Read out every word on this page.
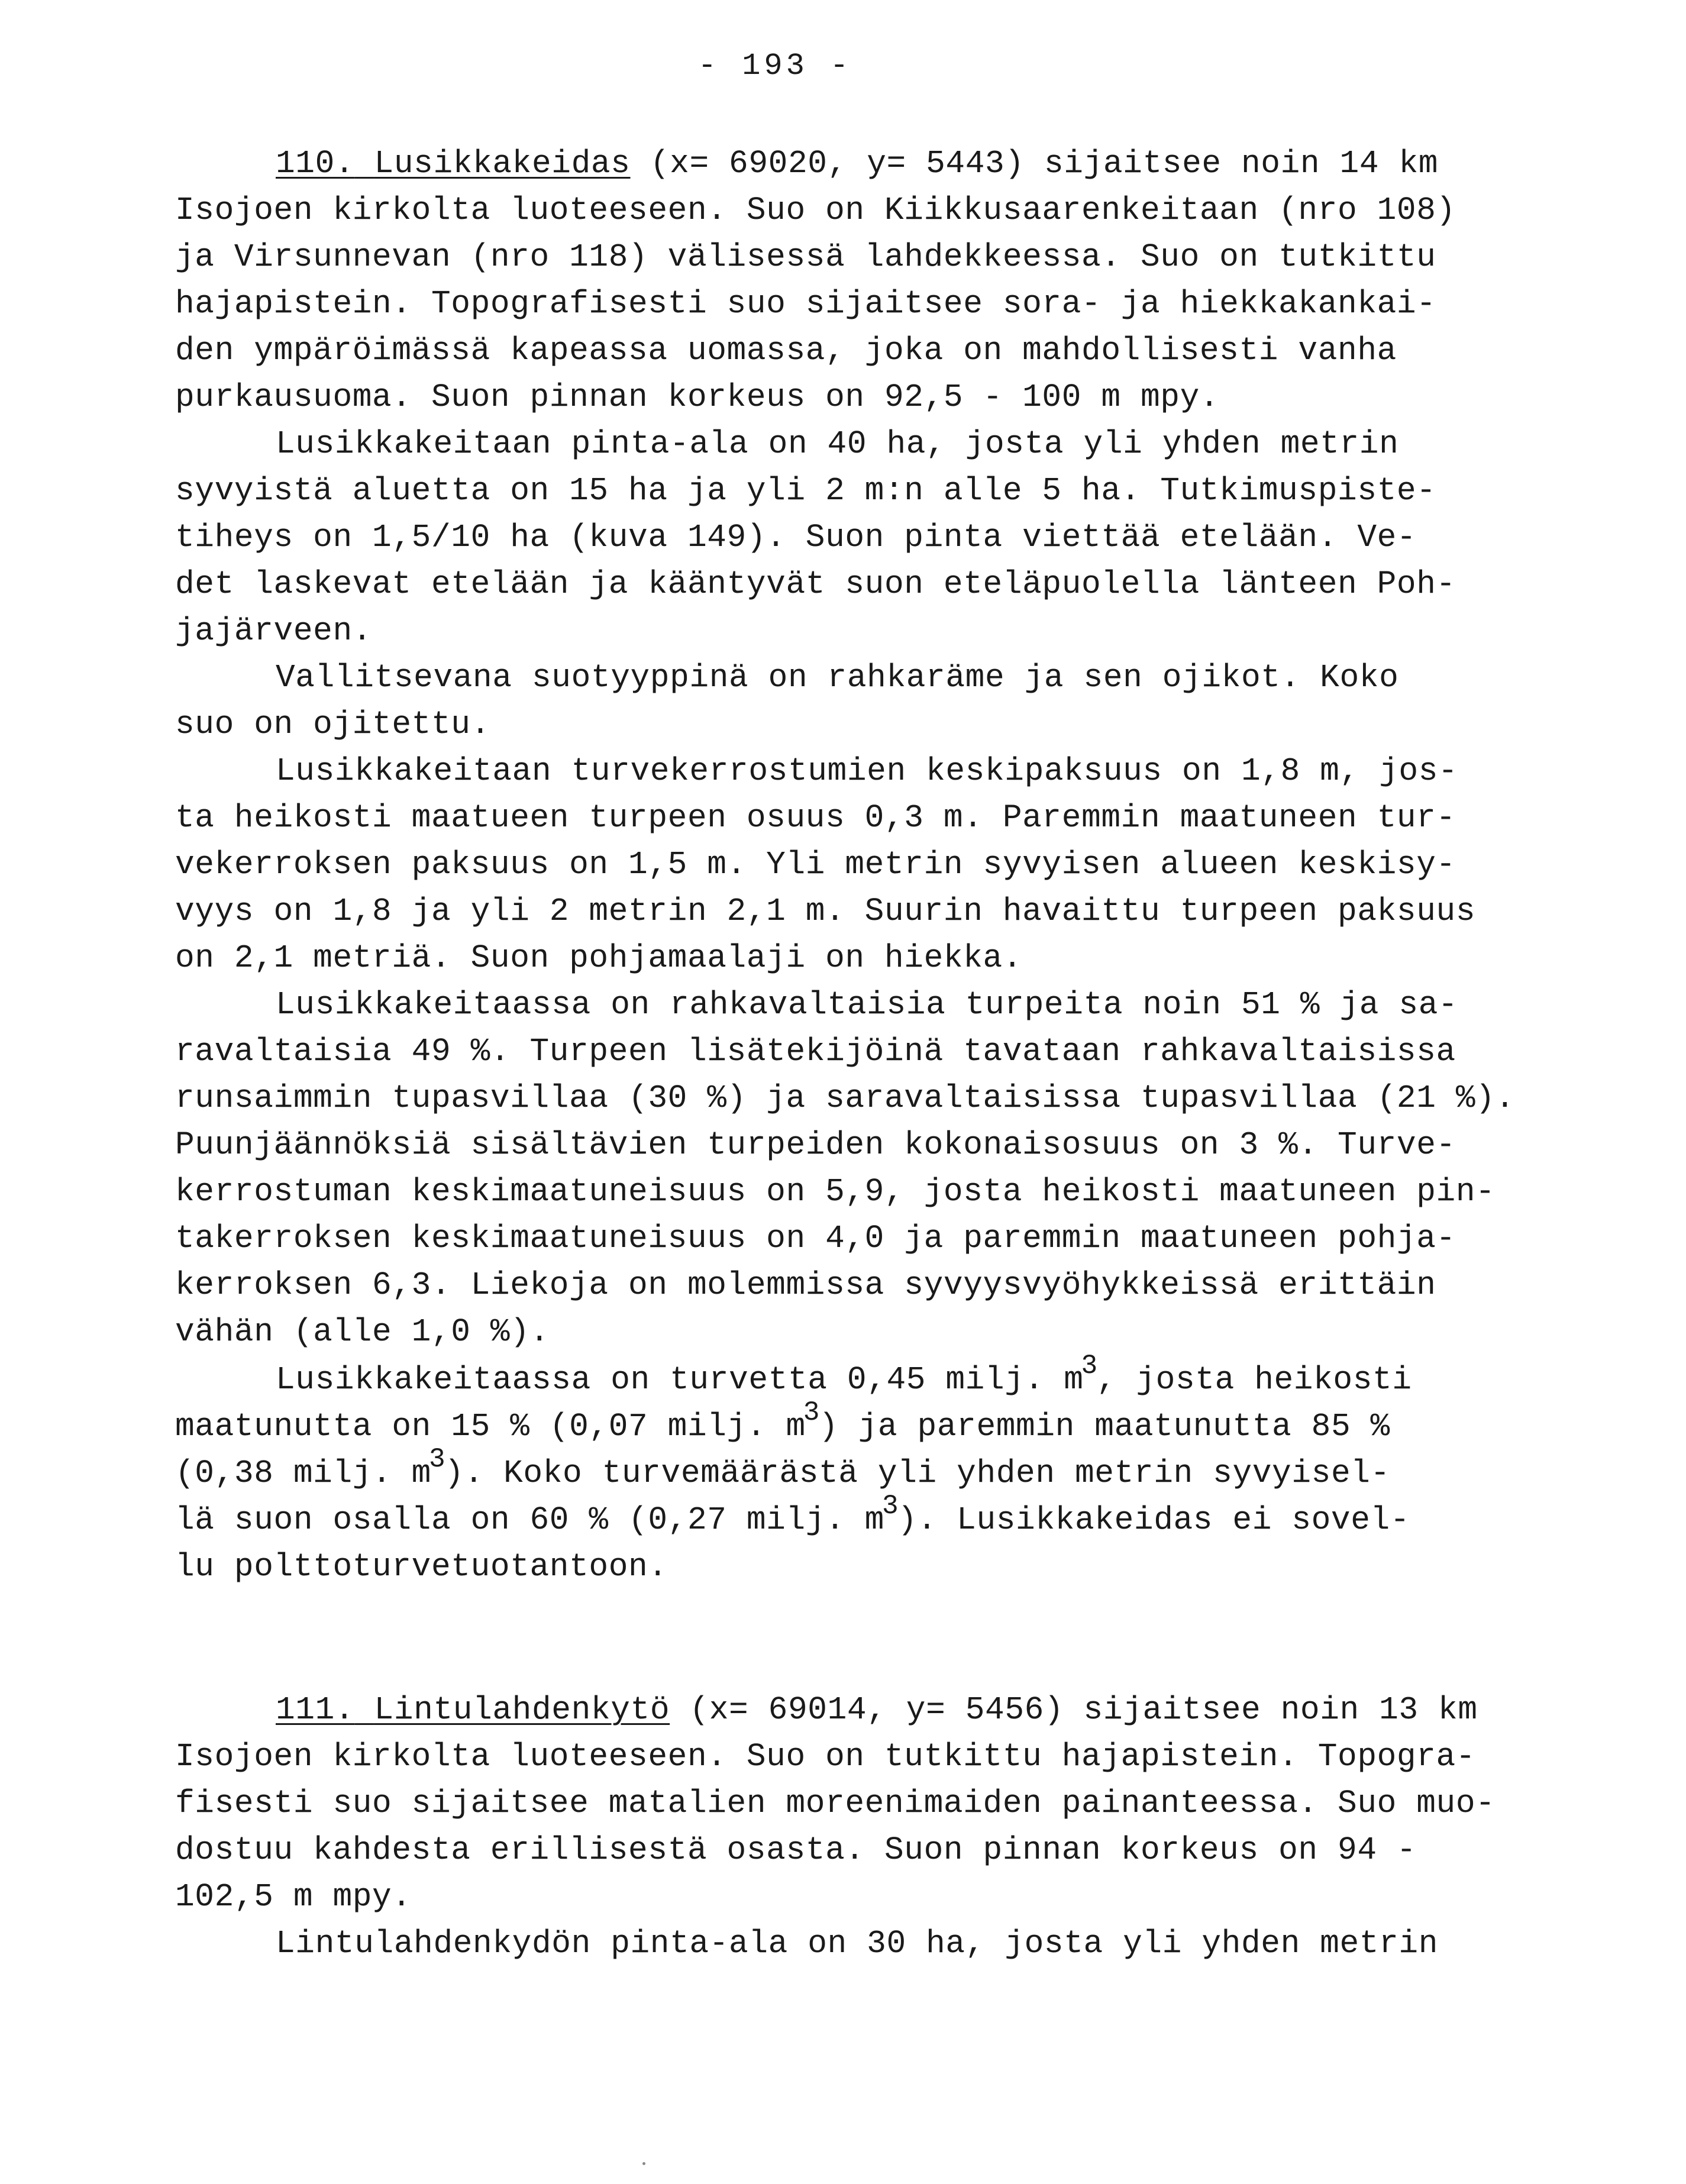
- 193 -
110. Lusikkakeidas (x= 69020, y= 5443) sijaitsee noin 14 km
Isojoen kirkolta luoteeseen. Suo on Kiikkusaarenkeitaan (nro 108)
ja Virsunnevan (nro 118) välisessä lahdekkeessa. Suo on tutkittu
hajapistein. Topografisesti suo sijaitsee sora- ja hiekkakankai-
den ympäröimässä kapeassa uomassa, joka on mahdollisesti vanha
purkausuoma. Suon pinnan korkeus on 92,5 - 100 m mpy.
Lusikkakeitaan pinta-ala on 40 ha, josta yli yhden metrin
syvyistä aluetta on 15 ha ja yli 2 m:n alle 5 ha. Tutkimuspiste-
tiheys on 1,5/10 ha (kuva 149). Suon pinta viettää etelään. Ve-
det laskevat etelään ja kääntyvät suon eteläpuolella länteen Poh-
jajärveen.
Vallitsevana suotyyppinä on rahkaräme ja sen ojikot. Koko
suo on ojitettu.
Lusikkakeitaan turvekerrostumien keskipaksuus on 1,8 m, jos-
ta heikosti maatueen turpeen osuus 0,3 m. Paremmin maatuneen tur-
vekerroksen paksuus on 1,5 m. Yli metrin syvyisen alueen keskisy-
vyys on 1,8 ja yli 2 metrin 2,1 m. Suurin havaittu turpeen paksuus
on 2,1 metriä. Suon pohjamaalaji on hiekka.
Lusikkakeitaassa on rahkavaltaisia turpeita noin 51 % ja sa-
ravaltaisia 49 %. Turpeen lisätekijöinä tavataan rahkavaltaisissa
runsaimmin tupasvillaa (30 %) ja saravaltaisissa tupasvillaa (21 %).
Puunjäännöksiä sisältävien turpeiden kokonaisosuus on 3 %. Turve-
kerrostuman keskimaatuneisuus on 5,9, josta heikosti maatuneen pin-
takerroksen keskimaatuneisuus on 4,0 ja paremmin maatuneen pohja-
kerroksen 6,3. Liekoja on molemmissa syvyysvyöhykkeissä erittäin
vähän (alle 1,0 %).
Lusikkakeitaassa on turvetta 0,45 milj. $m^3$, josta heikosti
maatunutta on 15 % (0,07 milj. $m^3$) ja paremmin maatunutta 85 %
(0,38 milj. $m^3$). Koko turvemäärästä yli yhden metrin syvyisel-
lä suon osalla on 60 % (0,27 milj. $m^3$). Lusikkakeidas ei sovel-
lu polttoturvetuotantoon.
111. Lintulahdenkytö (x= 69014, y= 5456) sijaitsee noin 13 km
Isojoen kirkolta luoteeseen. Suo on tutkittu hajapistein. Topogra-
fisesti suo sijaitsee matalien moreenimaiden painanteessa. Suo muo-
dostuu kahdesta erillisestä osasta. Suon pinnan korkeus on 94 -
102,5 m mpy.
Lintulahdenkydön pinta-ala on 30 ha, josta yli yhden metrin
